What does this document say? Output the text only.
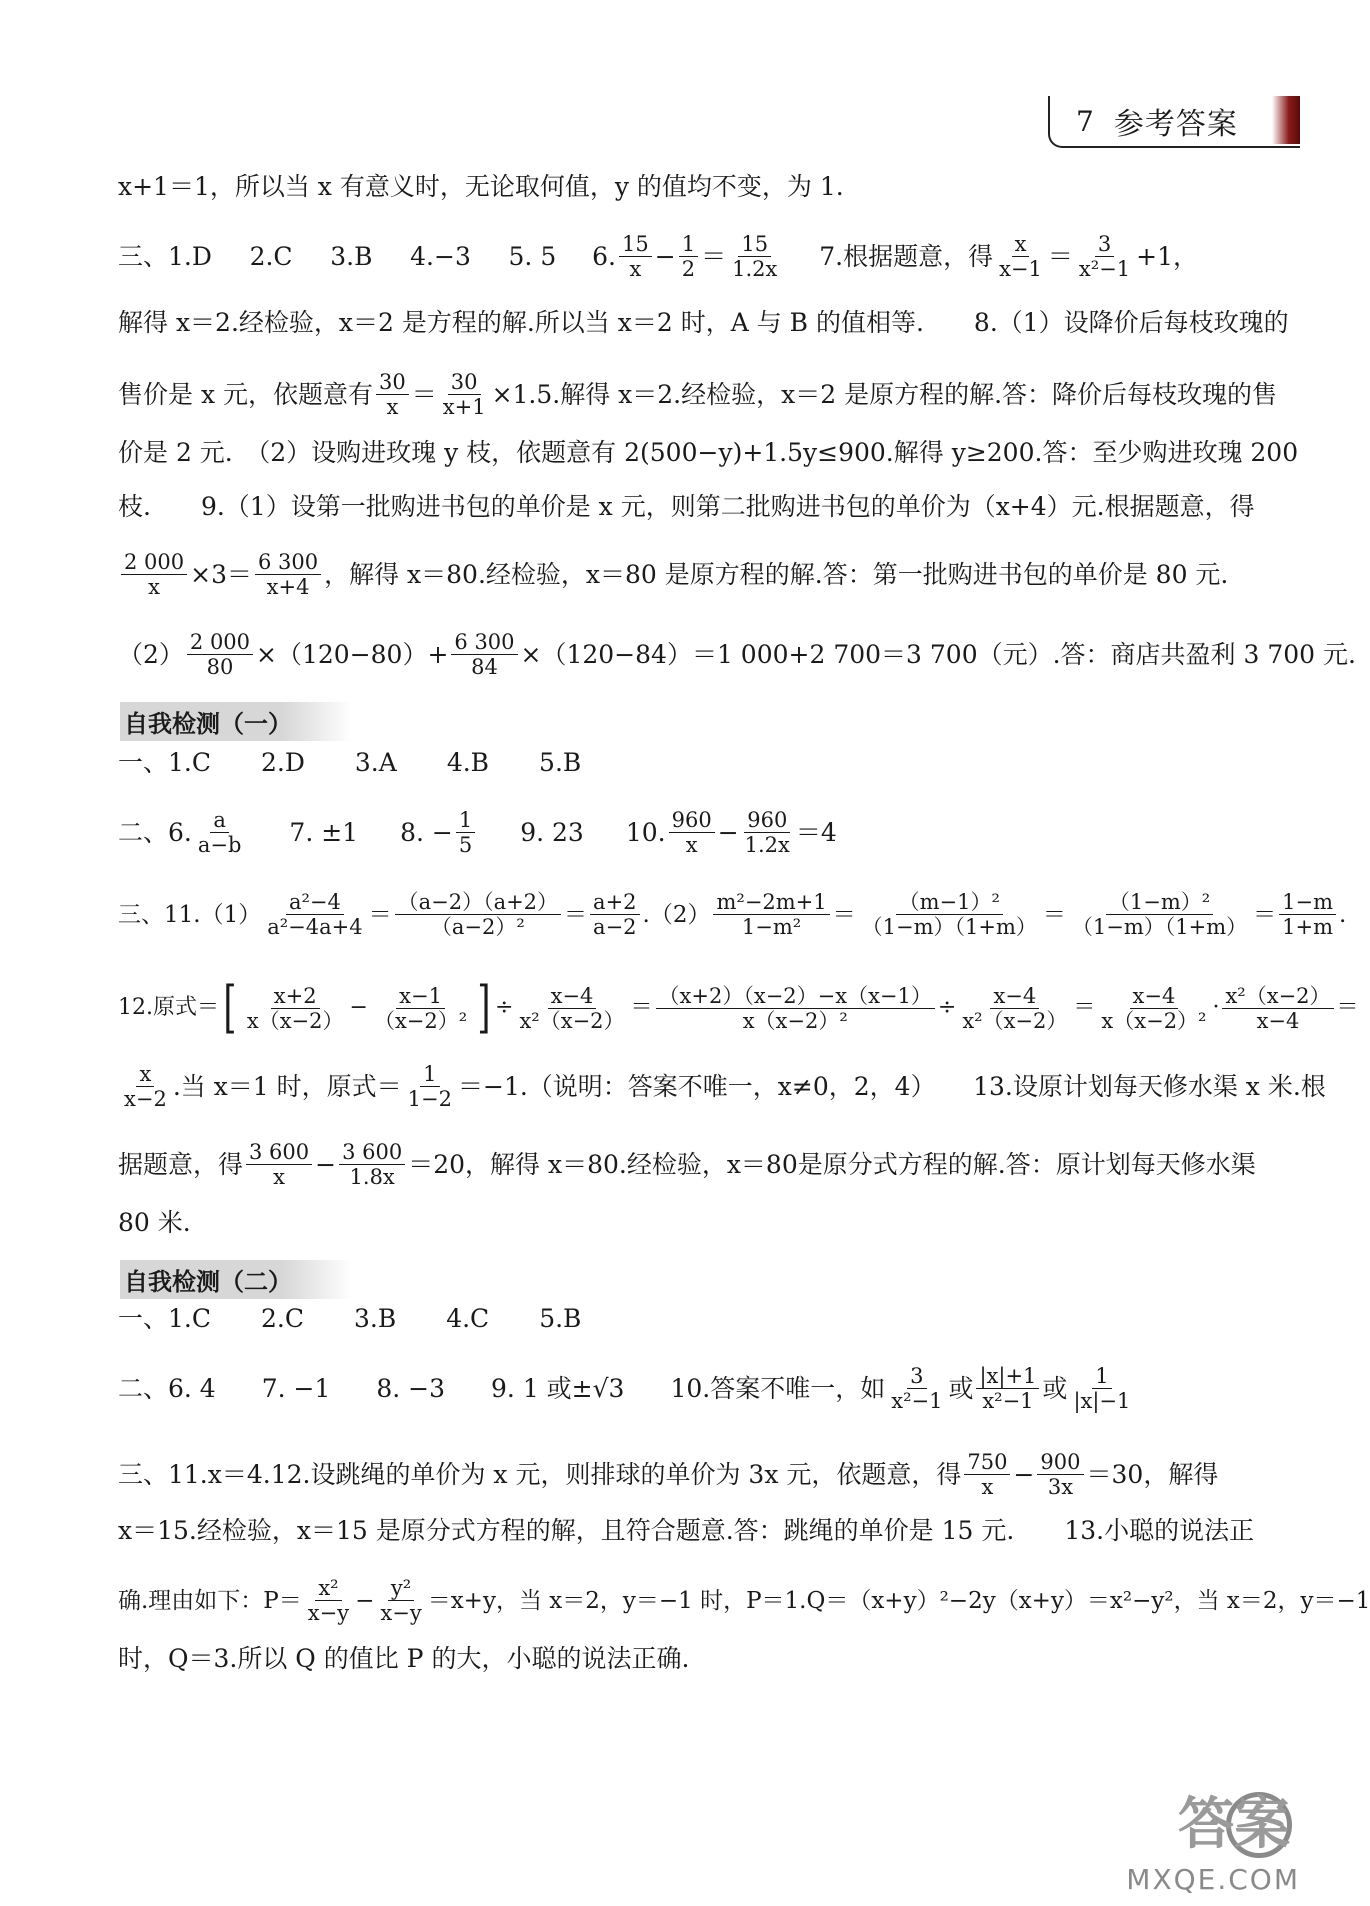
7 参考答案
x+1＝1，所以当 x 有意义时，无论取何值，y 的值均不变，为 1.
三、1.D 2.C 3.B 4.−3 5. 5 6. $\frac{15}{x} - \frac{1}{2} = \frac{15}{1.2x} 7$.根据题意，得 $\frac{x}{x-1} = \frac{3}{\text{x²−1}} +1$，
解得 x＝2.经检验，x＝2 是方程的解.所以当 x＝2 时，A 与 B 的值相等.　　8.（1）设降价后每枝玫瑰的
售价是 x 元，依题意有 $\frac{30}{x} = \frac{30}{x+1} \times 1.5$.解得 x＝2.经检验，x＝2 是原方程的解.答：降价后每枝玫瑰的售
价是 2 元.　（2）设购进玫瑰 y 枝，依题意有 2(500−y)+1.5y≤900.解得 y≥200.答：至少购进玫瑰 200
枝.　　9.（1）设第一批购进书包的单价是 x 元，则第二批购进书包的单价为（x+4）元.根据题意，得
$\frac{2 000}{x} \times 3= \frac{6 300}{x+4}$ ，解得 x＝80.经检验，x＝80 是原方程的解.答：第一批购进书包的单价是 80 元.
$(2) \frac{2 000}{80} \times(120-80)+ \frac{6 300}{84} \times(120-84)=1$ 000+2 700＝3 700（元）.答：商店共盈利 3 700 元.
自我检测（一）
一、1.C 2.D 3.A 4.B 5.B
二、6. $\frac{a}{a-b} 7$. ±1 8. − $\frac{1}{5} 9$. 23 10. $\frac{960}{x} - \frac{960}{1.2x} =4$
三、$11.(1) \frac{\text{a²−4}}{\text{a²−4a+4}} = \frac{(a-2)(a+2)}{\text{（a−2）²}} = \frac{a+2}{a-2}$ . $(2) \frac{\text{m²−2m+1}}{\text{1−m²}} = \frac{\text{（m−1）²}}{(1-m)(1+m)} = \frac{\text{（1−m）²}}{(1-m)(1+m)} = \frac{1-m}{1+m}$ .
12.原式＝ [ $\frac{x+2}{x(x-2)} - \frac{x-1}{\text{（x−2）²}}$ ] ÷ $\frac{x-4}{\text{x²（x−2）}} = \frac{(x+2)(x-2)-x(x-1)}{\text{x（x−2）²}} \div \frac{x-4}{\text{x²（x−2）}} = \frac{x-4}{\text{x（x−2）²}} \cdot \frac{\text{x²（x−2）}}{x-4}$ ＝
$\frac{x}{x-2}$ .当 x＝1 时，原式＝ $\frac{1}{1-2} =-1$.（说明：答案不唯一，x≠0，2，4）　　13.设原计划每天修水渠 x 米.根
据题意，得 $\frac{3 600}{x} - \frac{3 600}{1.8x} =20$，解得 x＝80.经检验，x＝80是原分式方程的解.答：原计划每天修水渠
80 米.
自我检测（二）
一、1.C 2.C 3.B 4.C 5.B
二、6. 4 7. −1 8. −3 9. 1 或±√3 10.答案不唯一，如 $\frac{3}{\text{x²−1}}$ 或 $\frac{|x|+1}{\text{x²−1}}$ 或 $\frac{1}{|x|-1}$
三、11.x＝4. 12.设跳绳的单价为 x 元，则排球的单价为 3x 元，依题意，得 $\frac{750}{x} - \frac{900}{3x} =30$，解得
x＝15.经检验，x＝15 是原分式方程的解，且符合题意.答：跳绳的单价是 15 元.　　13.小聪的说法正
确.理由如下：$P= \frac{\text{x²}}{x-y} - \frac{\text{y²}}{x-y} =x+y$，当 x＝2，y＝−1 时，P＝1.Q＝（x+y）²−2y（x+y）＝x²−y²，当 x＝2，y＝−1
时，Q＝3.所以 Q 的值比 P 的大，小聪的说法正确.
答案
MXQE.COM
